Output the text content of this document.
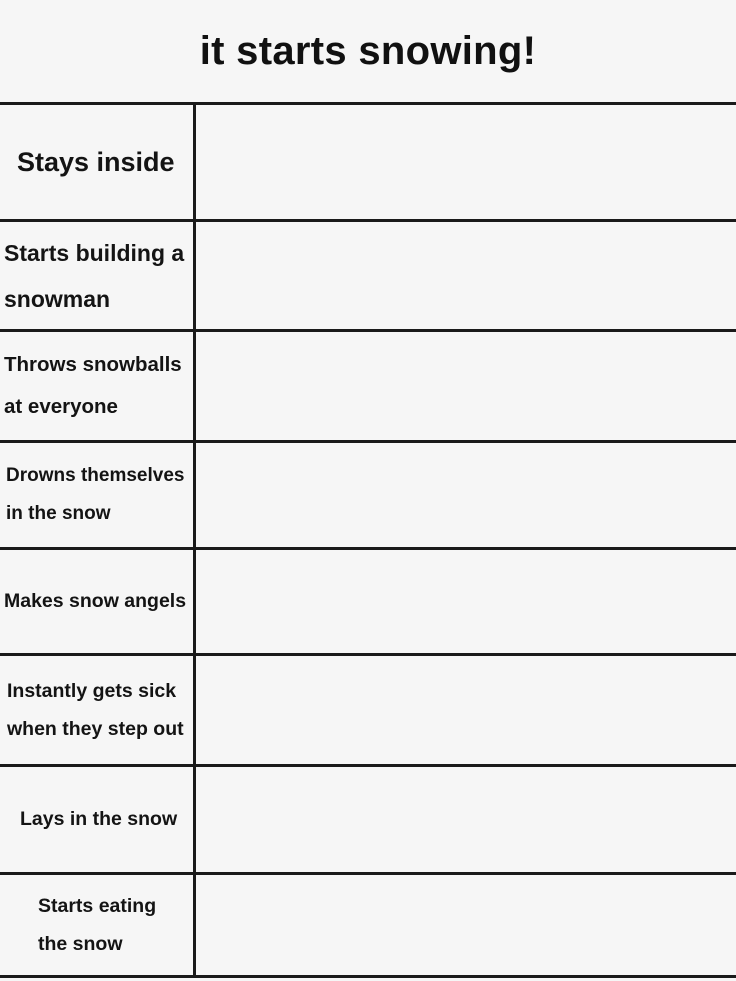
it starts snowing!
Stays inside
Starts building a snowman
Throws snowballs at everyone
Drowns themselves in the snow
Makes snow angels
Instantly gets sick when they step out
Lays in the snow
Starts eating the snow
